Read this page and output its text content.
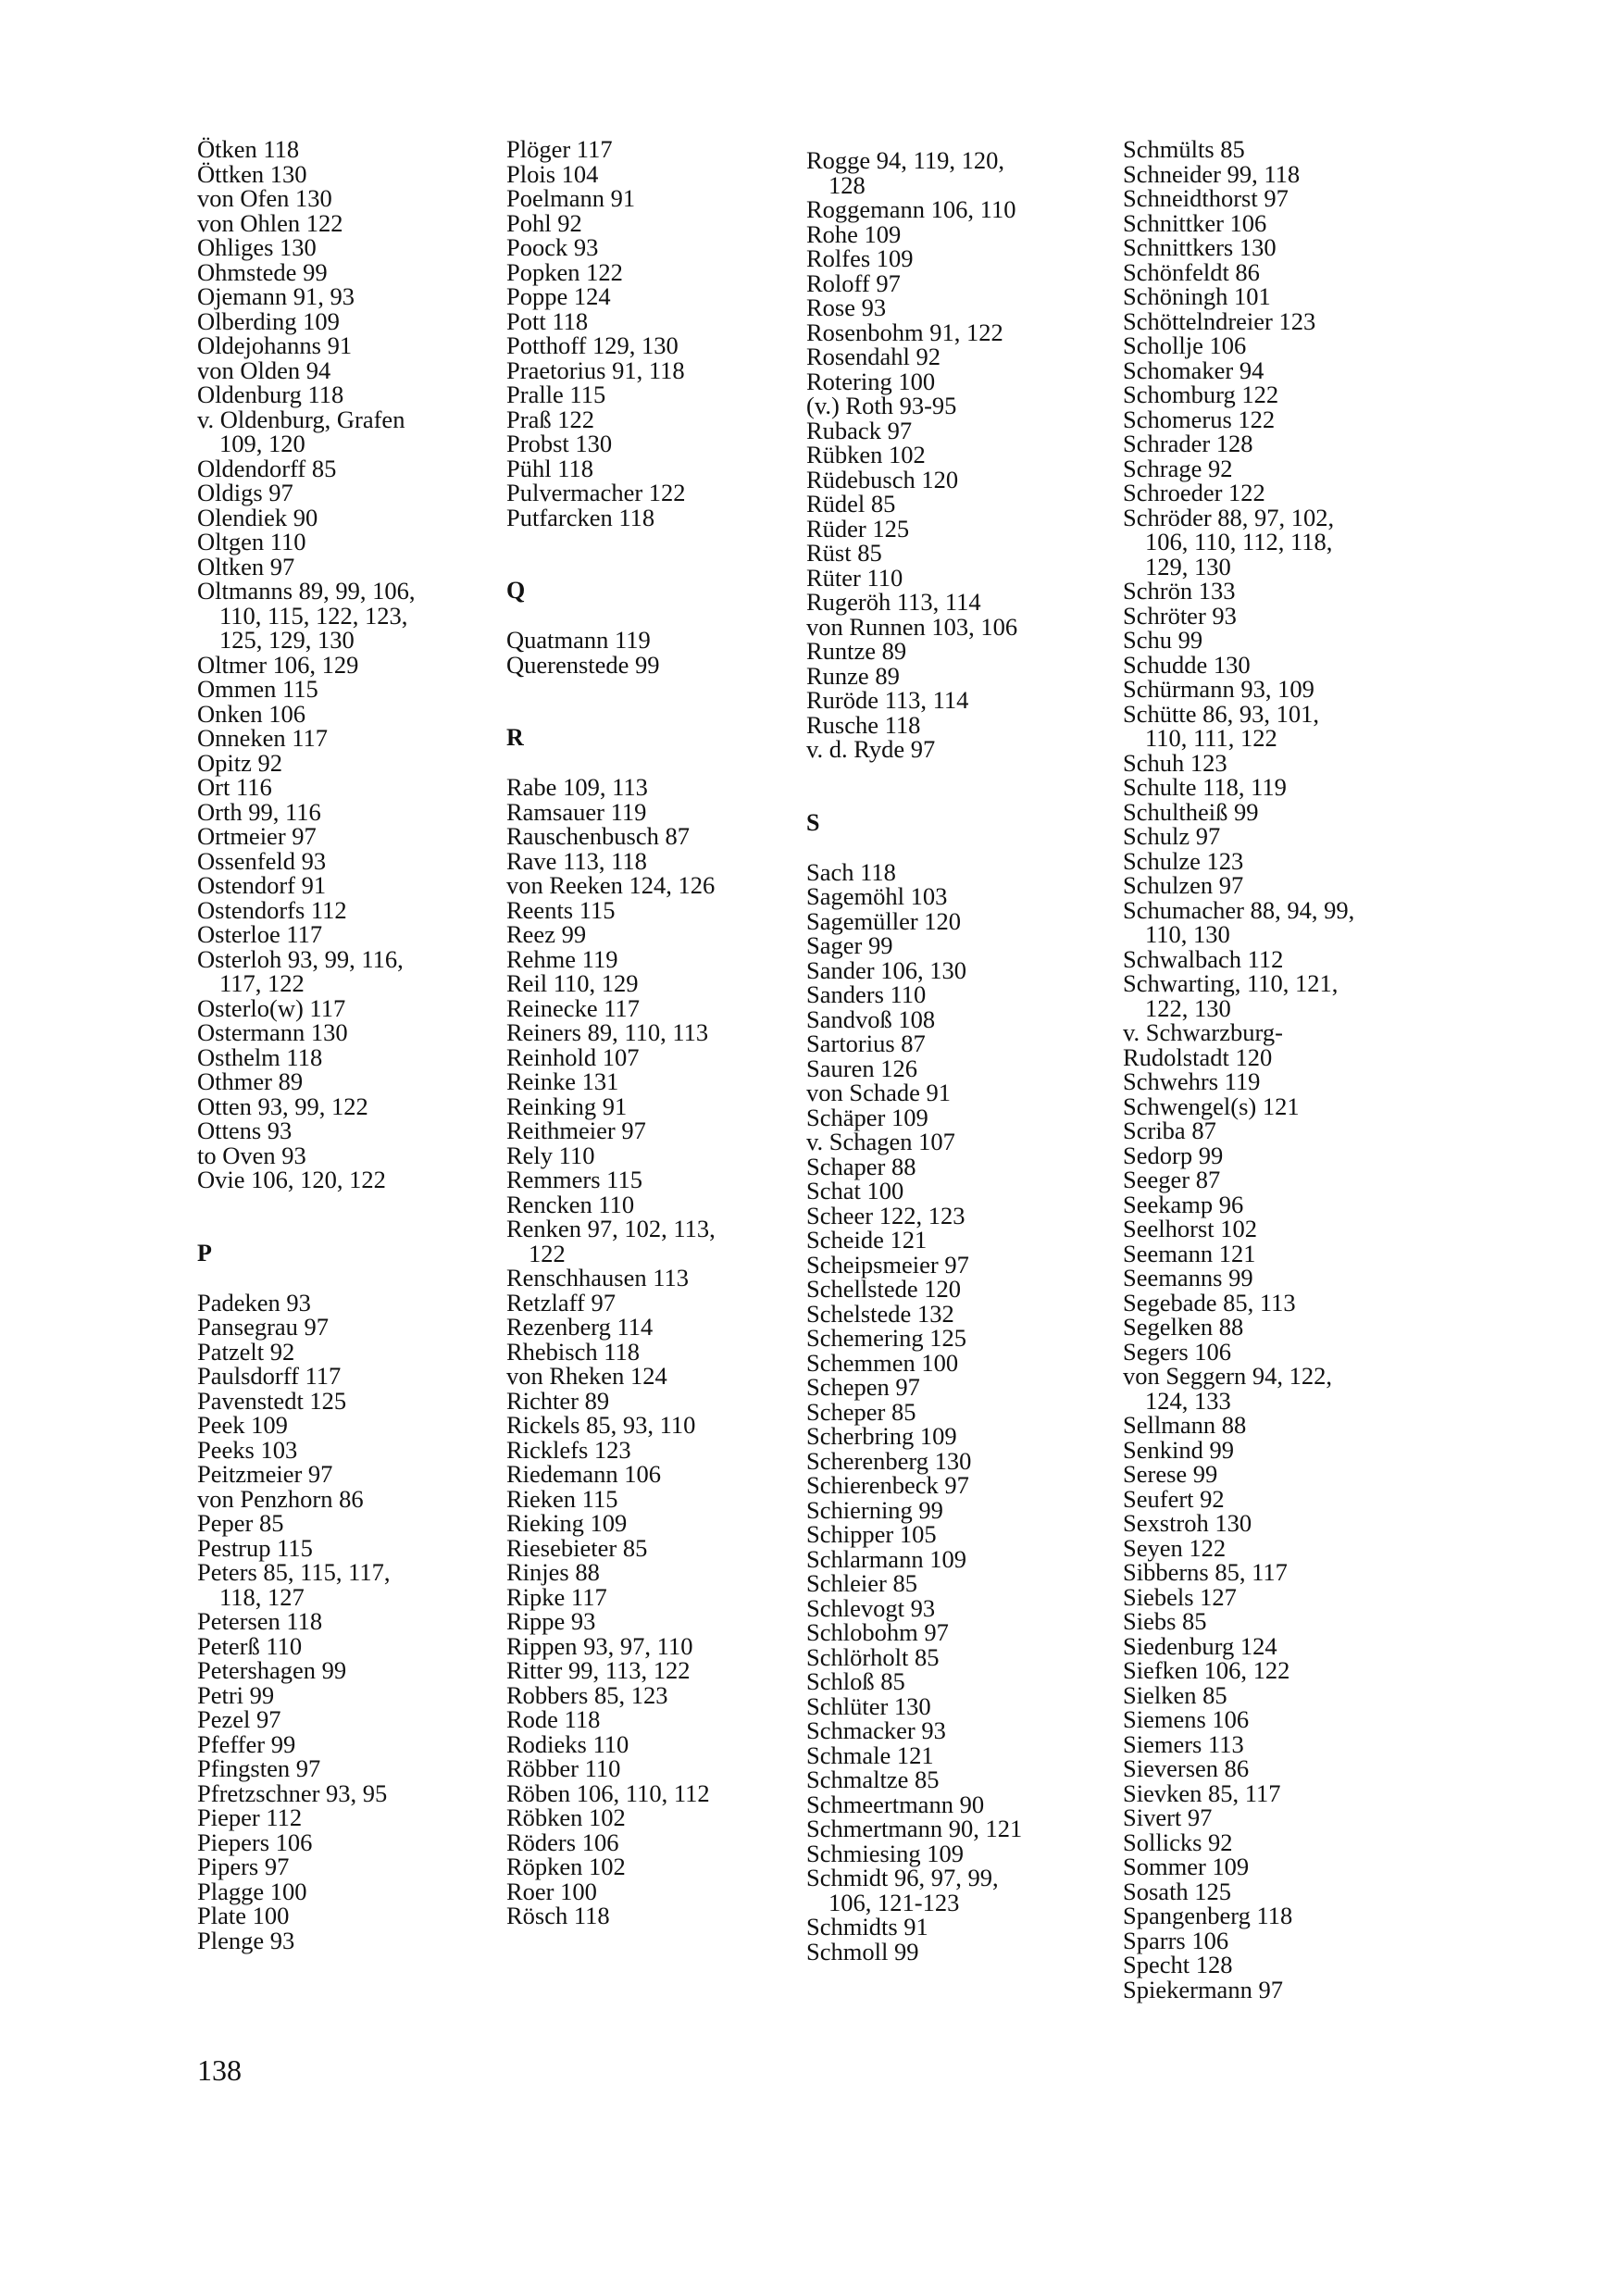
Ötken 118
Öttken 130
von Ofen 130
von Ohlen 122
Ohliges 130
Ohmstede 99
Ojemann 91, 93
Olberding 109
Oldejohanns 91
von Olden 94
Oldenburg 118
v. Oldenburg, Grafen
109, 120
Oldendorff 85
Oldigs 97
Olendiek 90
Oltgen 110
Oltken 97
Oltmanns 89, 99, 106,
110, 115, 122, 123,
125, 129, 130
Oltmer 106, 129
Ommen 115
Onken 106
Onneken 117
Opitz 92
Ort 116
Orth 99, 116
Ortmeier 97
Ossenfeld 93
Ostendorf 91
Ostendorfs 112
Osterloe 117
Osterloh 93, 99, 116,
117, 122
Osterlo(w) 117
Ostermann 130
Osthelm 118
Othmer 89
Otten 93, 99, 122
Ottens 93
to Oven 93
Ovie 106, 120, 122

P

Padeken 93
Pansegrau 97
Patzelt 92
Paulsdorff 117
Pavenstedt 125
Peek 109
Peeks 103
Peitzmeier 97
von Penzhorn 86
Peper 85
Pestrup 115
Peters 85, 115, 117,
118, 127
Petersen 118
Peterß 110
Petershagen 99
Petri 99
Pezel 97
Pfeffer 99
Pfingsten 97
Pfretzschner 93, 95
Pieper 112
Piepers 106
Pipers 97
Plagge 100
Plate 100
Plenge 93
Plöger 117
Plois 104
Poelmann 91
Pohl 92
Poock 93
Popken 122
Poppe 124
Pott 118
Potthoff 129, 130
Praetorius 91, 118
Pralle 115
Praß 122
Probst 130
Pühl 118
Pulvermacher 122
Putfarcken 118

Q

Quatmann 119
Querenstede 99

R

Rabe 109, 113
Ramsauer 119
Rauschenbusch 87
Rave 113, 118
von Reeken 124, 126
Reents 115
Reez 99
Rehme 119
Reil 110, 129
Reinecke 117
Reiners 89, 110, 113
Reinhold 107
Reinke 131
Reinking 91
Reithmeier 97
Rely 110
Remmers 115
Rencken 110
Renken 97, 102, 113,
122
Renschhausen 113
Retzlaff 97
Rezenberg 114
Rhebisch 118
von Rheken 124
Richter 89
Rickels 85, 93, 110
Ricklefs 123
Riedemann 106
Rieken 115
Rieking 109
Riesebieter 85
Rinjes 88
Ripke 117
Rippe 93
Rippen 93, 97, 110
Ritter 99, 113, 122
Robbers 85, 123
Rode 118
Rodieks 110
Röbber 110
Röben 106, 110, 112
Röbken 102
Röders 106
Röpken 102
Roer 100
Rösch 118
Rogge 94, 119, 120,
128
Roggemann 106, 110
Rohe 109
Rolfes 109
Roloff 97
Rose 93
Rosenbohm 91, 122
Rosendahl 92
Rotering 100
(v.) Roth 93-95
Ruback 97
Rübken 102
Rüdebusch 120
Rüdel 85
Rüder 125
Rüst 85
Rüter 110
Rugeröh 113, 114
von Runnen 103, 106
Runtze 89
Runze 89
Ruröde 113, 114
Rusche 118
v. d. Ryde 97

S

Sach 118
Sagemöhl 103
Sagemüller 120
Sager 99
Sander 106, 130
Sanders 110
Sandvoß 108
Sartorius 87
Sauren 126
von Schade 91
Schäper 109
v. Schagen 107
Schaper 88
Schat 100
Scheer 122, 123
Scheide 121
Scheipsmeier 97
Schellstede 120
Schelstede 132
Schemering 125
Schemmen 100
Schepen 97
Scheper 85
Scherbring 109
Scherenberg 130
Schierenbeck 97
Schierning 99
Schipper 105
Schlarmann 109
Schleier 85
Schlevogt 93
Schlobohm 97
Schlörholt 85
Schloß 85
Schlüter 130
Schmacker 93
Schmale 121
Schmaltze 85
Schmeertmann 90
Schmertmann 90, 121
Schmiesing 109
Schmidt 96, 97, 99,
106, 121-123
Schmidts 91
Schmoll 99
Schmülts 85
Schneider 99, 118
Schneidthorst 97
Schnittker 106
Schnittkers 130
Schönfeldt 86
Schöningh 101
Schöttelndreier 123
Schollje 106
Schomaker 94
Schomburg 122
Schomerus 122
Schrader 128
Schrage 92
Schroeder 122
Schröder 88, 97, 102,
106, 110, 112, 118,
129, 130
Schrön 133
Schröter 93
Schu 99
Schudde 130
Schürmann 93, 109
Schütte 86, 93, 101,
110, 111, 122
Schuh 123
Schulte 118, 119
Schultheiß 99
Schulz 97
Schulze 123
Schulzen 97
Schumacher 88, 94, 99,
110, 130
Schwalbach 112
Schwarting, 110, 121,
122, 130
v. Schwarzburg-
Rudolstadt 120
Schwehrs 119
Schwengel(s) 121
Scriba 87
Sedorp 99
Seeger 87
Seekamp 96
Seelhorst 102
Seemann 121
Seemanns 99
Segebade 85, 113
Segelken 88
Segers 106
von Seggern 94, 122,
124, 133
Sellmann 88
Senkind 99
Serese 99
Seufert 92
Sexstroh 130
Seyen 122
Sibberns 85, 117
Siebels 127
Siebs 85
Siedenburg 124
Siefken 106, 122
Sielken 85
Siemens 106
Siemers 113
Sieversen 86
Sievken 85, 117
Sivert 97
Sollicks 92
Sommer 109
Sosath 125
Spangenberg 118
Sparrs 106
Specht 128
Spiekermann 97
138
